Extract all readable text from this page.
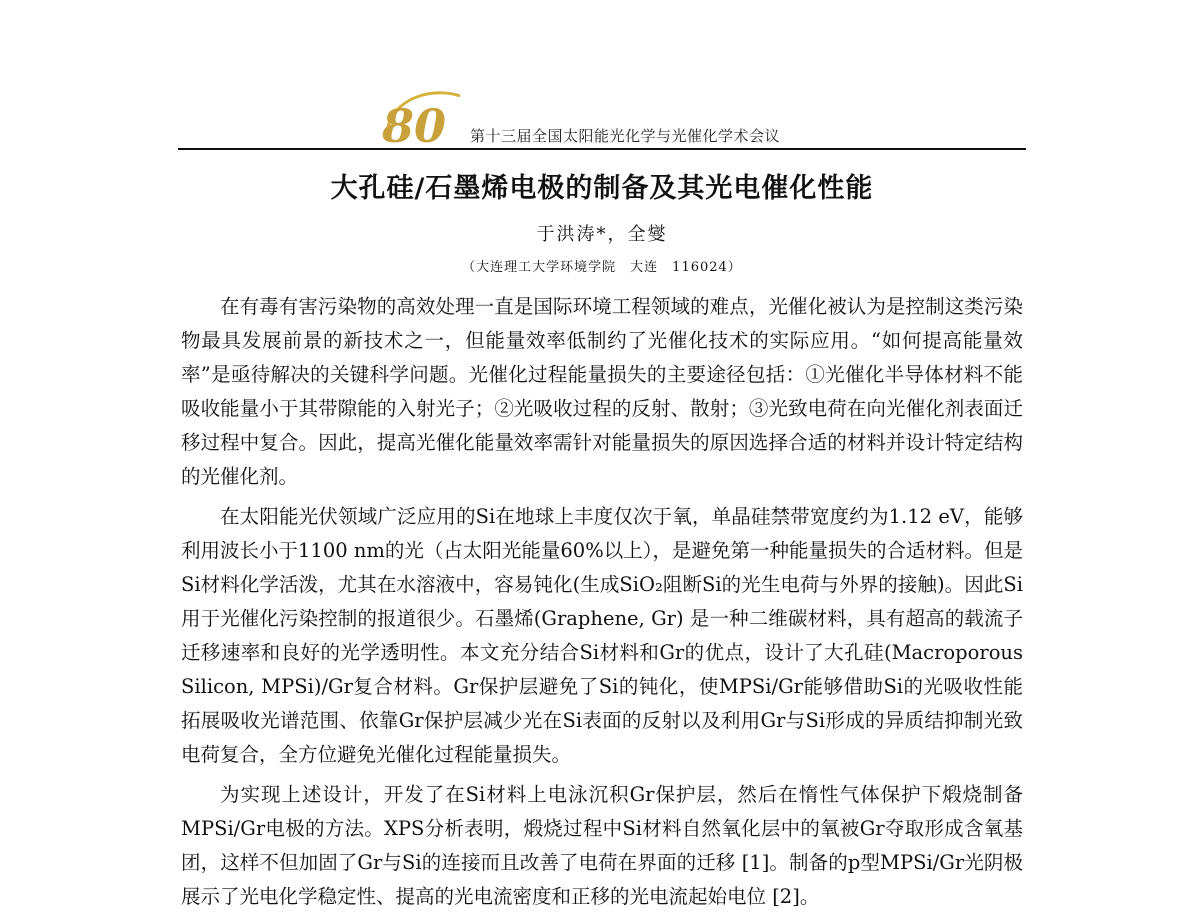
80 第十三届全国太阳能光化学与光催化学术会议
大孔硅/石墨烯电极的制备及其光电催化性能
于洪涛*，全燮
（大连理工大学环境学院　大连　116024）

在有毒有害污染物的高效处理一直是国际环境工程领域的难点，光催化被认为是控制这类污染物最具发展前景的新技术之一，但能量效率低制约了光催化技术的实际应用。“如何提高能量效率”是亟待解决的关键科学问题。光催化过程能量损失的主要途径包括：①光催化半导体材料不能吸收能量小于其带隙能的入射光子；②光吸收过程的反射、散射；③光致电荷在向光催化剂表面迁移过程中复合。因此，提高光催化能量效率需针对能量损失的原因选择合适的材料并设计特定结构的光催化剂。

在太阳能光伏领域广泛应用的Si在地球上丰度仅次于氧，单晶硅禁带宽度约为1.12 eV，能够利用波长小于1100 nm的光（占太阳光能量60%以上），是避免第一种能量损失的合适材料。但是Si材料化学活泼，尤其在水溶液中，容易钝化(生成SiO₂阻断Si的光生电荷与外界的接触)。因此Si用于光催化污染控制的报道很少。石墨烯(Graphene, Gr) 是一种二维碳材料，具有超高的载流子迁移速率和良好的光学透明性。本文充分结合Si材料和Gr的优点，设计了大孔硅(Macroporous Silicon, MPSi)/Gr复合材料。Gr保护层避免了Si的钝化，使MPSi/Gr能够借助Si的光吸收性能拓展吸收光谱范围、依靠Gr保护层减少光在Si表面的反射以及利用Gr与Si形成的异质结抑制光致电荷复合，全方位避免光催化过程能量损失。

为实现上述设计，开发了在Si材料上电泳沉积Gr保护层，然后在惰性气体保护下煅烧制备MPSi/Gr电极的方法。XPS分析表明，煅烧过程中Si材料自然氧化层中的氧被Gr夺取形成含氧基团，这样不但加固了Gr与Si的连接而且改善了电荷在界面的迁移 [1]。制备的p型MPSi/Gr光阴极展示了光电化学稳定性、提高的光电流密度和正移的光电流起始电位 [2]。
